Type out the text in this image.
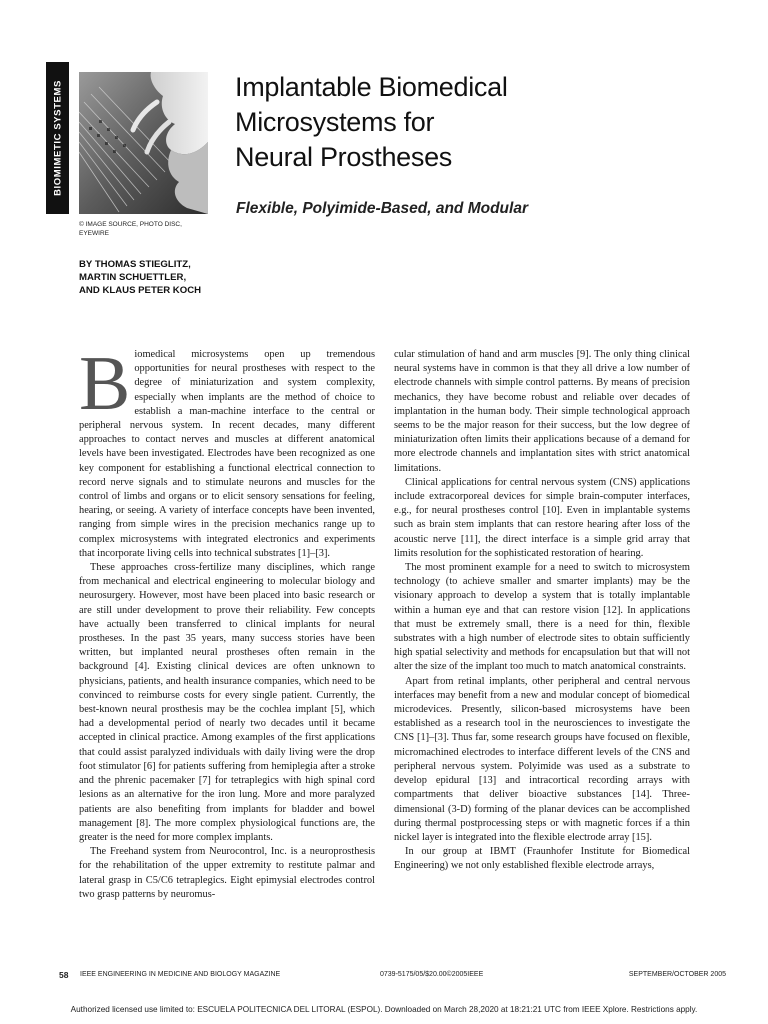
BIOMIMETIC SYSTEMS
© IMAGE SOURCE, PHOTO DISC,
EYEWIRE
Implantable Biomedical
Microsystems for
Neural Prostheses
Flexible, Polyimide-Based, and Modular
BY THOMAS STIEGLITZ,
MARTIN SCHUETTLER,
AND KLAUS PETER KOCH

Biomedical microsystems open up tremendous opportunities for neural prostheses with respect to the degree of miniaturization and system complexity, especially when implants are the method of choice to establish a man-machine interface to the central or peripheral nervous system. In recent decades, many different approaches to contact nerves and muscles at different anatomical levels have been investigated. Electrodes have been recognized as one key component for establishing a functional electrical connection to record nerve signals and to stimulate neurons and muscles for the control of limbs and organs or to elicit sensory sensations for feeling, hearing, or seeing. A variety of interface concepts have been invented, ranging from simple wires in the precision mechanics range up to complex microsystems with integrated electronics and experiments that incorporate living cells into technical substrates [1]–[3].

These approaches cross-fertilize many disciplines, which range from mechanical and electrical engineering to molecular biology and neurosurgery. However, most have been placed into basic research or are still under development to prove their reliability. Few concepts have actually been transferred to clinical implants for neural prostheses. In the past 35 years, many success stories have been written, but implanted neural prostheses often remain in the background [4]. Existing clinical devices are often unknown to physicians, patients, and health insurance companies, which need to be convinced to reimburse costs for every single patient. Currently, the best-known neural prosthesis may be the cochlea implant [5], which had a developmental period of nearly two decades until it became accepted in clinical practice. Among examples of the first applications that could assist paralyzed individuals with daily living were the drop foot stimulator [6] for patients suffering from hemiplegia after a stroke and the phrenic pacemaker [7] for tetraplegics with high spinal cord lesions as an alternative for the iron lung. More and more paralyzed patients are also benefiting from implants for bladder and bowel management [8]. The more complex physiological functions are, the greater is the need for more complex implants.

The Freehand system from Neurocontrol, Inc. is a neuroprosthesis for the rehabilitation of the upper extremity to restitute palmar and lateral grasp in C5/C6 tetraplegics. Eight epimysial electrodes control two grasp patterns by neuromus-

cular stimulation of hand and arm muscles [9]. The only thing clinical neural systems have in common is that they all drive a low number of electrode channels with simple control patterns. By means of precision mechanics, they have become robust and reliable over decades of implantation in the human body. Their simple technological approach seems to be the major reason for their success, but the low degree of miniaturization often limits their applications because of a demand for more electrode channels and implantation sites with strict anatomical limitations.

Clinical applications for central nervous system (CNS) applications include extracorporeal devices for simple brain-computer interfaces, e.g., for neural prostheses control [10]. Even in implantable systems such as brain stem implants that can restore hearing after loss of the acoustic nerve [11], the direct interface is a simple grid array that limits resolution for the sophisticated restoration of hearing.

The most prominent example for a need to switch to microsystem technology (to achieve smaller and smarter implants) may be the visionary approach to develop a system that is totally implantable within a human eye and that can restore vision [12]. In applications that must be extremely small, there is a need for thin, flexible substrates with a high number of electrode sites to obtain sufficiently high spatial selectivity and methods for encapsulation but that will not alter the size of the implant too much to match anatomical constraints.

Apart from retinal implants, other peripheral and central nervous interfaces may benefit from a new and modular concept of biomedical microdevices. Presently, silicon-based microsystems have been established as a research tool in the neurosciences to investigate the CNS [1]–[3]. Thus far, some research groups have focused on flexible, micromachined electrodes to interface different levels of the CNS and peripheral nervous system. Polyimide was used as a substrate to develop epidural [13] and intracortical recording arrays with compartments that deliver bioactive substances [14]. Three-dimensional (3-D) forming of the planar devices can be accomplished during thermal postprocessing steps or with magnetic forces if a thin nickel layer is integrated into the flexible electrode array [15].

In our group at IBMT (Fraunhofer Institute for Biomedical Engineering) we not only established flexible electrode arrays,

58 IEEE ENGINEERING IN MEDICINE AND BIOLOGY MAGAZINE	0739-5175/05/$20.00©2005IEEE	SEPTEMBER/OCTOBER 2005
Authorized licensed use limited to: ESCUELA POLITECNICA DEL LITORAL (ESPOL). Downloaded on March 28,2020 at 18:21:21 UTC from IEEE Xplore. Restrictions apply.
